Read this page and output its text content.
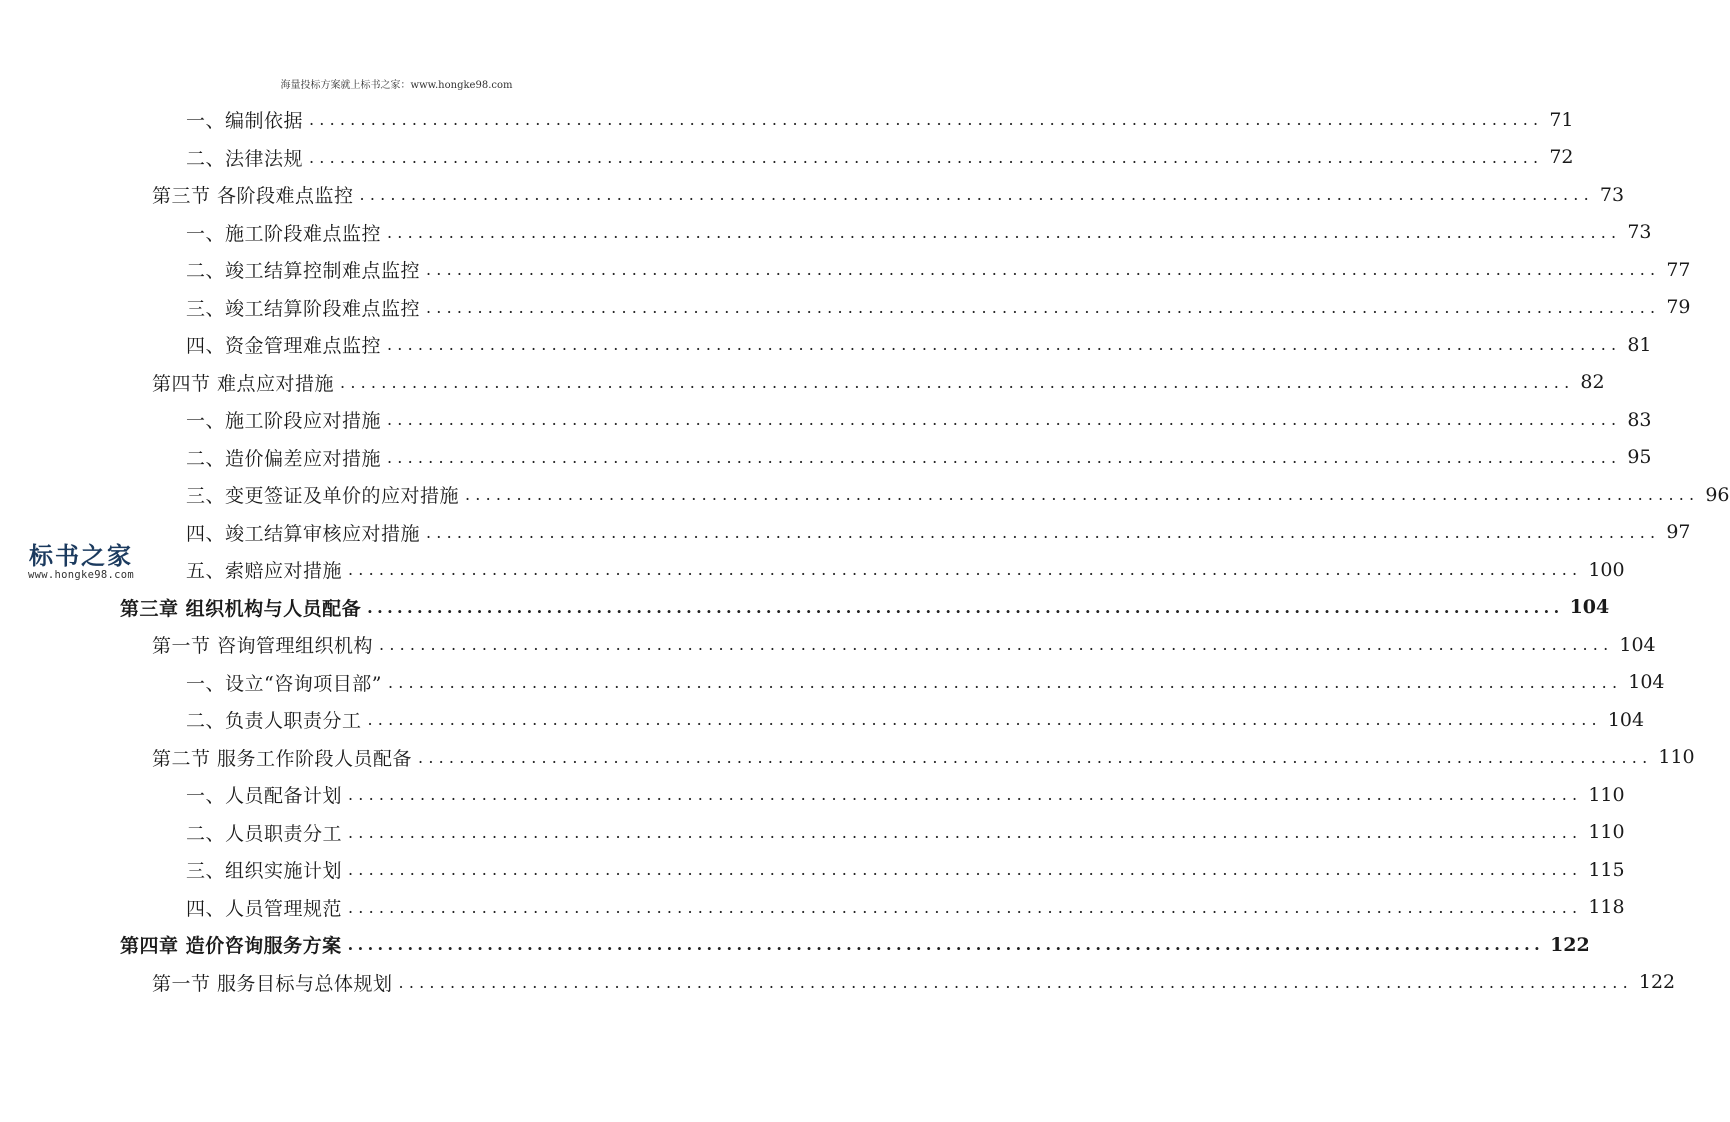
海量投标方案就上标书之家：www.hongke98.com
标书之家
www.hongke98.com
一、编制依据 ........................................................................................................................ 71
二、法律法规 ........................................................................................................................ 72
第三节 各阶段难点监控 ........................................................................................................................ 73
一、施工阶段难点监控 ........................................................................................................................ 73
二、竣工结算控制难点监控 ........................................................................................................................ 77
三、竣工结算阶段难点监控 ........................................................................................................................ 79
四、资金管理难点监控 ........................................................................................................................ 81
第四节 难点应对措施 ........................................................................................................................ 82
一、施工阶段应对措施 ........................................................................................................................ 83
二、造价偏差应对措施 ........................................................................................................................ 95
三、变更签证及单价的应对措施 ........................................................................................................................ 96
四、竣工结算审核应对措施 ........................................................................................................................ 97
五、索赔应对措施 ........................................................................................................................ 100
第三章 组织机构与人员配备 ........................................................................................................................ 104
第一节 咨询管理组织机构 ........................................................................................................................ 104
一、设立“咨询项目部” ........................................................................................................................ 104
二、负责人职责分工 ........................................................................................................................ 104
第二节 服务工作阶段人员配备 ........................................................................................................................ 110
一、人员配备计划 ........................................................................................................................ 110
二、人员职责分工 ........................................................................................................................ 110
三、组织实施计划 ........................................................................................................................ 115
四、人员管理规范 ........................................................................................................................ 118
第四章 造价咨询服务方案 ........................................................................................................................ 122
第一节 服务目标与总体规划 ........................................................................................................................ 122
